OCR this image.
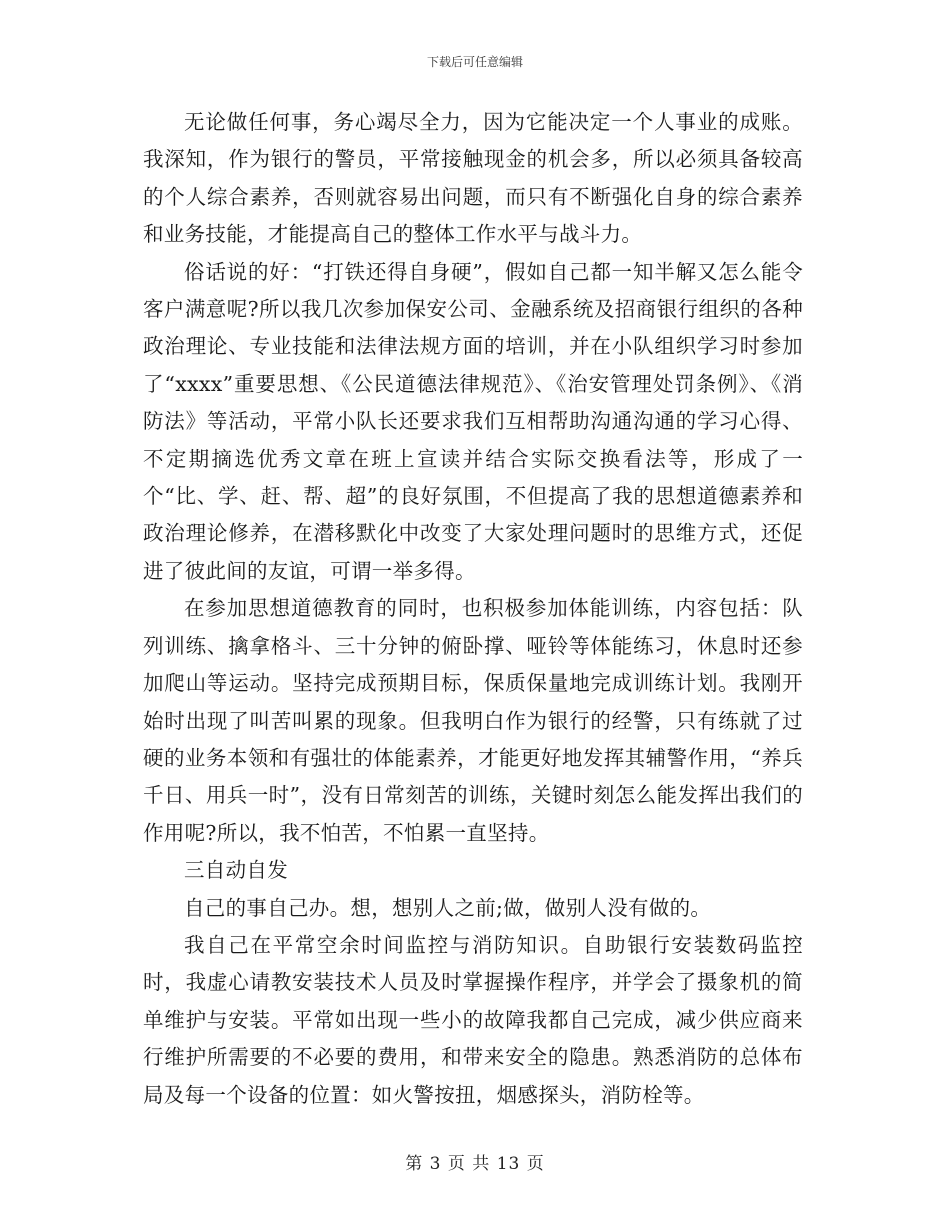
下载后可任意编辑

无论做任何事，务心竭尽全力，因为它能决定一个人事业的成账。我深知，作为银行的警员，平常接触现金的机会多，所以必须具备较高的个人综合素养，否则就容易出问题，而只有不断强化自身的综合素养和业务技能，才能提高自己的整体工作水平与战斗力。

俗话说的好：“打铁还得自身硬”，假如自己都一知半解又怎么能令客户满意呢?所以我几次参加保安公司、金融系统及招商银行组织的各种政治理论、专业技能和法律法规方面的培训，并在小队组织学习时参加了“xxxx”重要思想、《公民道德法律规范》、《治安管理处罚条例》、《消防法》等活动，平常小队长还要求我们互相帮助沟通沟通的学习心得、不定期摘选优秀文章在班上宣读并结合实际交换看法等，形成了一个“比、学、赶、帮、超”的良好氛围，不但提高了我的思想道德素养和政治理论修养，在潜移默化中改变了大家处理问题时的思维方式，还促进了彼此间的友谊，可谓一举多得。

在参加思想道德教育的同时，也积极参加体能训练，内容包括：队列训练、擒拿格斗、三十分钟的俯卧撑、哑铃等体能练习，休息时还参加爬山等运动。坚持完成预期目标，保质保量地完成训练计划。我刚开始时出现了叫苦叫累的现象。但我明白作为银行的经警，只有练就了过硬的业务本领和有强壮的体能素养，才能更好地发挥其辅警作用，“养兵千日、用兵一时”，没有日常刻苦的训练，关键时刻怎么能发挥出我们的作用呢?所以，我不怕苦，不怕累一直坚持。

三自动自发

自己的事自己办。想，想别人之前;做，做别人没有做的。

我自己在平常空余时间监控与消防知识。自助银行安装数码监控时，我虚心请教安装技术人员及时掌握操作程序，并学会了摄象机的简单维护与安装。平常如出现一些小的故障我都自己完成，减少供应商来行维护所需要的不必要的费用，和带来安全的隐患。熟悉消防的总体布局及每一个设备的位置：如火警按扭，烟感探头，消防栓等。

第 3 页 共 13 页
